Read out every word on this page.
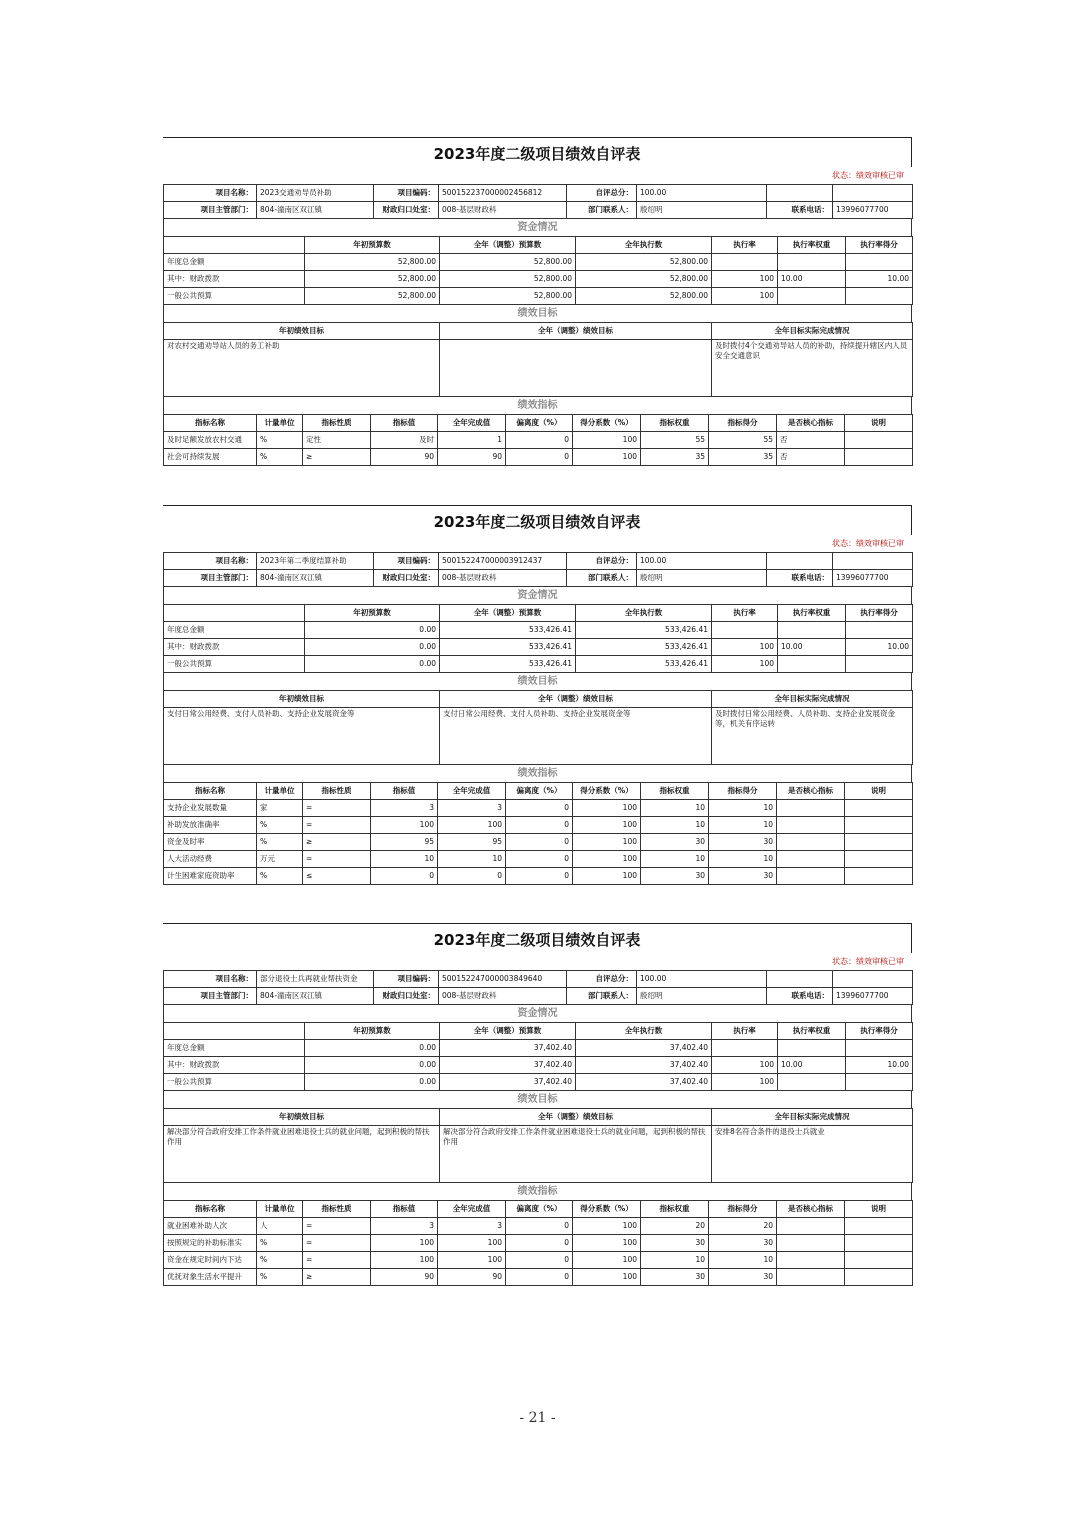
2023年度二级项目绩效自评表
状态：绩效审核已审
项目名称：	2023交通劝导员补助	项目编码：	500152237000002456812	自评总分：	100.00		
项目主管部门：	804-潼南区双江镇	财政归口处室：	008-基层财政科	部门联系人：	殷绍明	联系电话：	13996077700
资金情况
	年初预算数	全年（调整）预算数	全年执行数	执行率	执行率权重	执行率得分
年度总金额	52,800.00	52,800.00	52,800.00			
其中：财政拨款	52,800.00	52,800.00	52,800.00	100	10.00	10.00
一般公共预算	52,800.00	52,800.00	52,800.00	100		
绩效目标
年初绩效目标	全年（调整）绩效目标	全年目标实际完成情况
对农村交通劝导站人员的务工补助		及时拨付4个交通劝导站人员的补助，持续提升辖区内人员安全交通意识
绩效指标
指标名称	计量单位	指标性质	指标值	全年完成值	偏离度（%）	得分系数（%）	指标权重	指标得分	是否核心指标	说明
及时足额发放农村交通	%	定性	及时	1	0	100	55	55	否	
社会可持续发展	%	≥	90	90	0	100	35	35	否	
2023年度二级项目绩效自评表
状态：绩效审核已审
项目名称：	2023年第二季度结算补助	项目编码：	500152247000003912437	自评总分：	100.00		
项目主管部门：	804-潼南区双江镇	财政归口处室：	008-基层财政科	部门联系人：	殷绍明	联系电话：	13996077700
资金情况
	年初预算数	全年（调整）预算数	全年执行数	执行率	执行率权重	执行率得分
年度总金额	0.00	533,426.41	533,426.41			
其中：财政拨款	0.00	533,426.41	533,426.41	100	10.00	10.00
一般公共预算	0.00	533,426.41	533,426.41	100		
绩效目标
年初绩效目标	全年（调整）绩效目标	全年目标实际完成情况
支付日常公用经费、支付人员补助、支持企业发展资金等	支付日常公用经费、支付人员补助、支持企业发展资金等	及时拨付日常公用经费、人员补助、支持企业发展资金等，机关有序运转
绩效指标
指标名称	计量单位	指标性质	指标值	全年完成值	偏离度（%）	得分系数（%）	指标权重	指标得分	是否核心指标	说明
支持企业发展数量	家	=	3	3	0	100	10	10		
补助发放准确率	%	=	100	100	0	100	10	10		
资金及时率	%	≥	95	95	0	100	30	30		
人大活动经费	万元	=	10	10	0	100	10	10		
计生困难家庭资助率	%	≤	0	0	0	100	30	30		
2023年度二级项目绩效自评表
状态：绩效审核已审
项目名称：	部分退役士兵再就业帮扶资金	项目编码：	500152247000003849640	自评总分：	100.00		
项目主管部门：	804-潼南区双江镇	财政归口处室：	008-基层财政科	部门联系人：	殷绍明	联系电话：	13996077700
资金情况
	年初预算数	全年（调整）预算数	全年执行数	执行率	执行率权重	执行率得分
年度总金额	0.00	37,402.40	37,402.40			
其中：财政拨款	0.00	37,402.40	37,402.40	100	10.00	10.00
一般公共预算	0.00	37,402.40	37,402.40	100		
绩效目标
年初绩效目标	全年（调整）绩效目标	全年目标实际完成情况
解决部分符合政府安排工作条件就业困难退役士兵的就业问题，起到积极的帮扶作用	解决部分符合政府安排工作条件就业困难退役士兵的就业问题，起到积极的帮扶作用	安排8名符合条件的退役士兵就业
绩效指标
指标名称	计量单位	指标性质	指标值	全年完成值	偏离度（%）	得分系数（%）	指标权重	指标得分	是否核心指标	说明
就业困难补助人次	人	=	3	3	0	100	20	20		
按照规定的补助标准实	%	=	100	100	0	100	30	30		
资金在规定时间内下达	%	=	100	100	0	100	10	10		
优抚对象生活水平提升	%	≥	90	90	0	100	30	30		
- 21 -
